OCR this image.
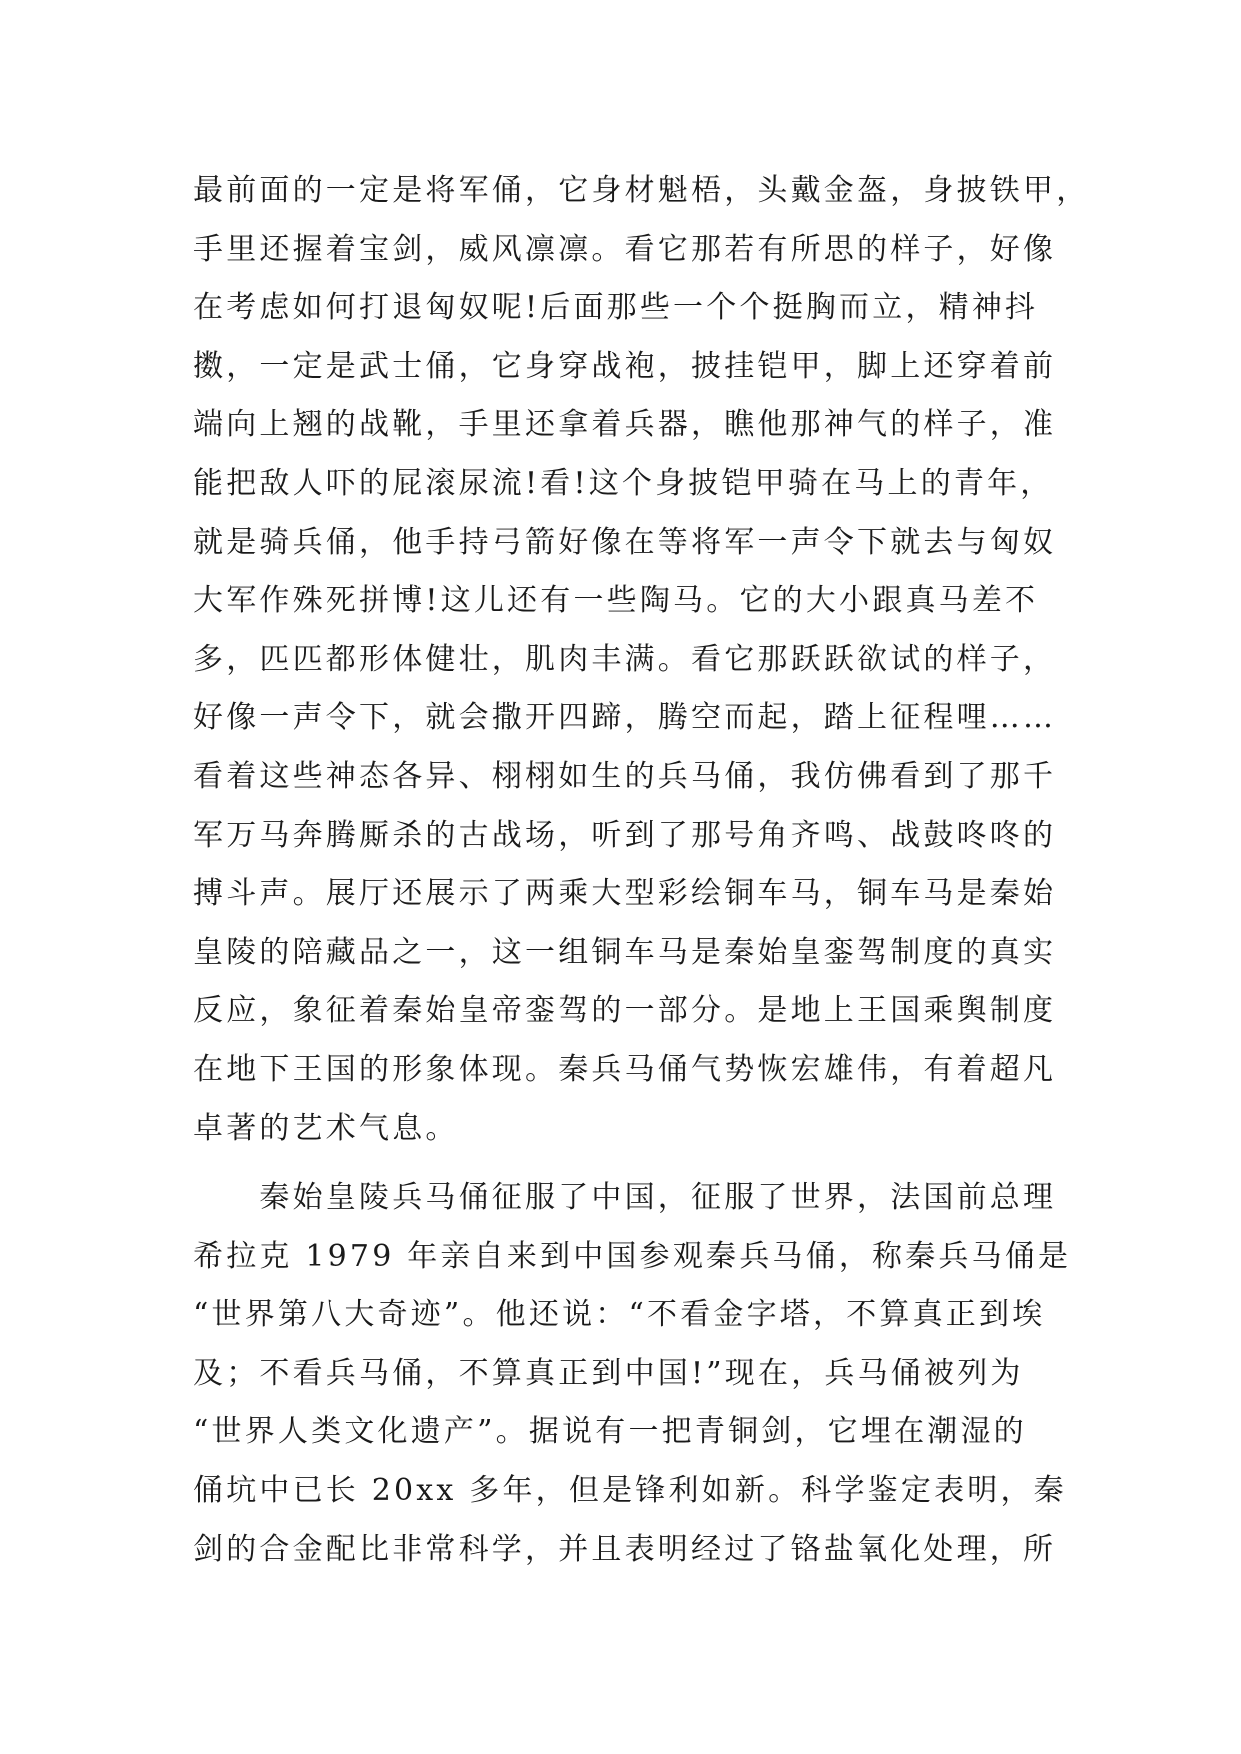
最前面的一定是将军俑，它身材魁梧，头戴金盔，身披铁甲，
手里还握着宝剑，威风凛凛。看它那若有所思的样子，好像
在考虑如何打退匈奴呢!后面那些一个个挺胸而立，精神抖
擞，一定是武士俑，它身穿战袍，披挂铠甲，脚上还穿着前
端向上翘的战靴，手里还拿着兵器，瞧他那神气的样子，准
能把敌人吓的屁滚尿流!看!这个身披铠甲骑在马上的青年，
就是骑兵俑，他手持弓箭好像在等将军一声令下就去与匈奴
大军作殊死拼博!这儿还有一些陶马。它的大小跟真马差不
多，匹匹都形体健壮，肌肉丰满。看它那跃跃欲试的样子，
好像一声令下，就会撒开四蹄，腾空而起，踏上征程哩……
看着这些神态各异、栩栩如生的兵马俑，我仿佛看到了那千
军万马奔腾厮杀的古战场，听到了那号角齐鸣、战鼓咚咚的
搏斗声。展厅还展示了两乘大型彩绘铜车马，铜车马是秦始
皇陵的陪藏品之一，这一组铜车马是秦始皇銮驾制度的真实
反应，象征着秦始皇帝銮驾的一部分。是地上王国乘舆制度
在地下王国的形象体现。秦兵马俑气势恢宏雄伟，有着超凡
卓著的艺术气息。
　　秦始皇陵兵马俑征服了中国，征服了世界，法国前总理
希拉克 1979 年亲自来到中国参观秦兵马俑，称秦兵马俑是
“世界第八大奇迹”。他还说：“不看金字塔，不算真正到埃
及；不看兵马俑，不算真正到中国!”现在，兵马俑被列为
“世界人类文化遗产”。据说有一把青铜剑，它埋在潮湿的
俑坑中已长 20xx 多年，但是锋利如新。科学鉴定表明，秦
剑的合金配比非常科学，并且表明经过了铬盐氧化处理，所
